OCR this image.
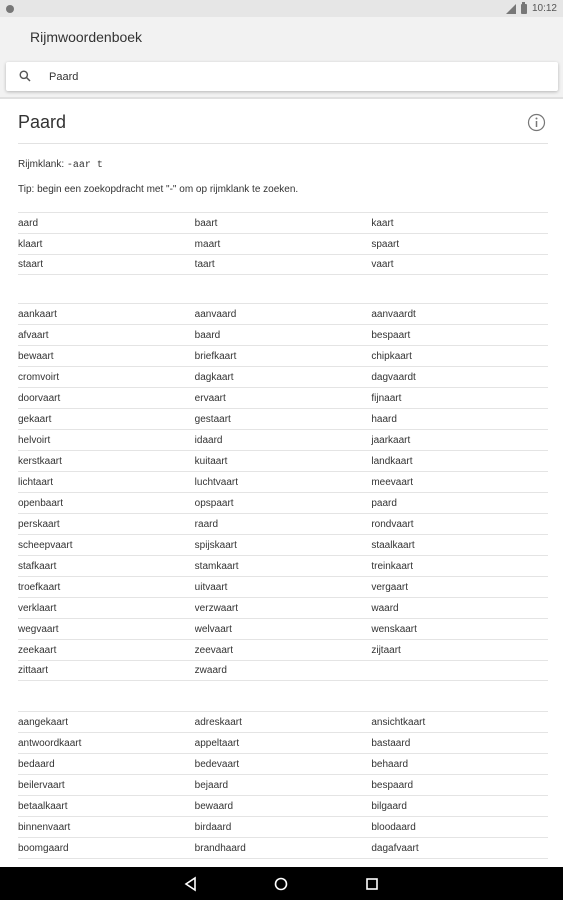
10:12
Rijmwoordenboek
Paard
Paard
Rijmklank: -aar t
Tip: begin een zoekopdracht met "-" om op rijmklank te zoeken.
aard	baart	kaart
klaart	maart	spaart
staart	taart	vaart
aankaart	aanvaard	aanvaardt
afvaart	baard	bespaart
bewaart	briefkaart	chipkaart
cromvoirt	dagkaart	dagvaardt
doorvaart	ervaart	fijnaart
gekaart	gestaart	haard
helvoirt	idaard	jaarkaart
kerstkaart	kuitaart	landkaart
lichtaart	luchtvaart	meevaart
openbaart	opspaart	paard
perskaart	raard	rondvaart
scheepvaart	spijskaart	staalkaart
stafkaart	stamkaart	treinkaart
troefkaart	uitvaart	vergaart
verklaart	verzwaart	waard
wegvaart	welvaart	wenskaart
zeekaart	zeevaart	zijtaart
zittaart	zwaard
aangekaart	adreskaart	ansichtkaart
antwoordkaart	appeltaart	bastaard
bedaard	bedevaart	behaard
beilervaart	bejaard	bespaard
betaalkaart	bewaard	bilgaard
binnenvaart	birdaard	bloodaard
boomgaard	brandhaard	dagafvaart
